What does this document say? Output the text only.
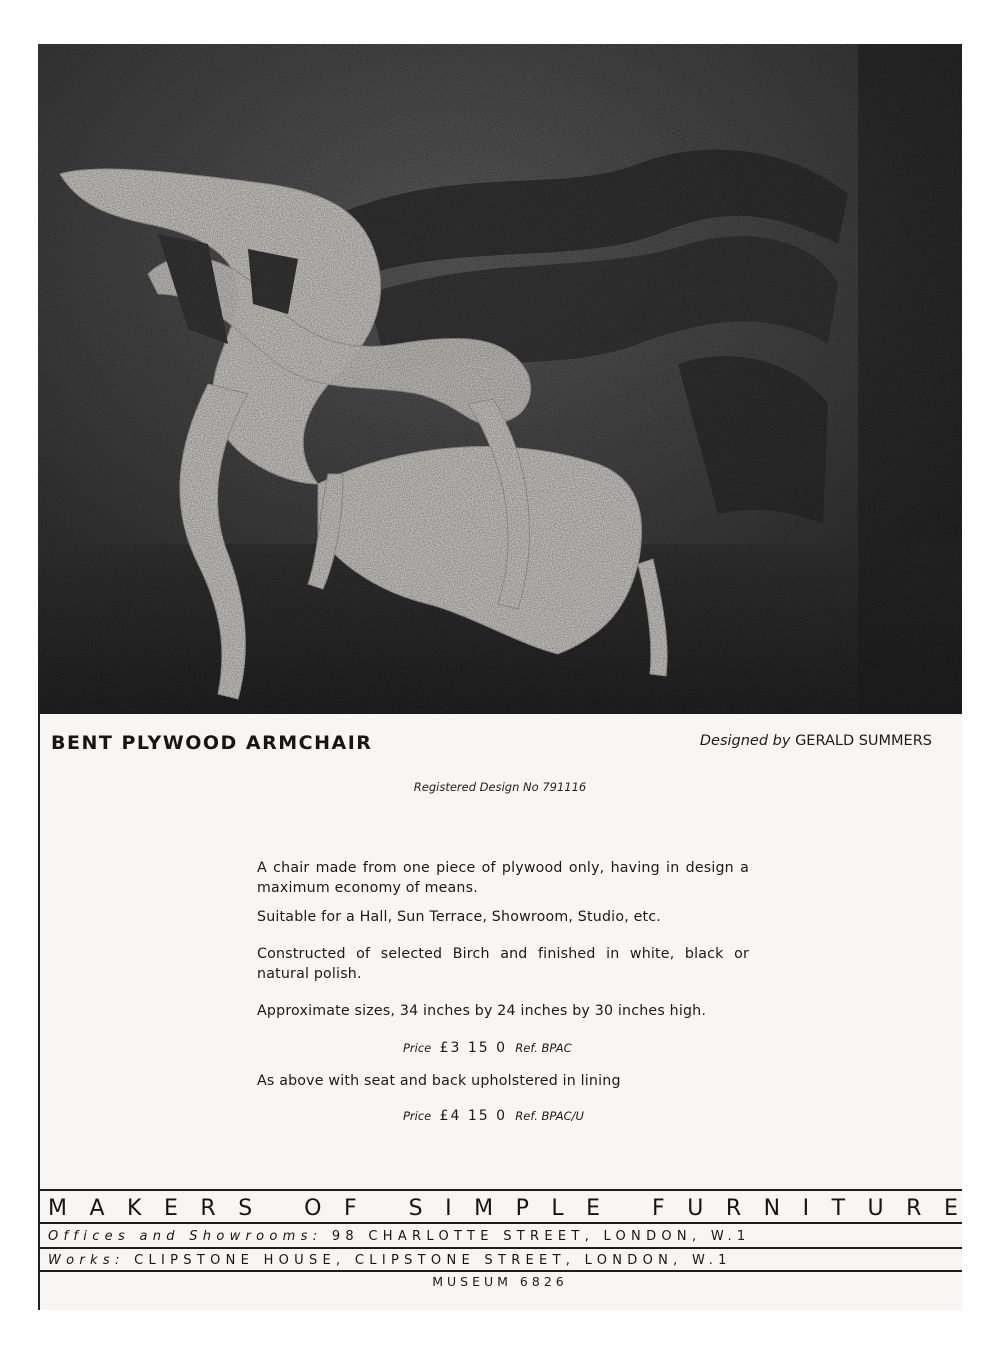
BENT PLYWOOD ARMCHAIR	Designed by GERALD SUMMERS
Registered Design No 791116

A chair made from one piece of plywood only, having in design a maximum economy of means.

Suitable for a Hall, Sun Terrace, Showroom, Studio, etc.

Constructed of selected Birch and finished in white, black or natural polish.

Approximate sizes, 34 inches by 24 inches by 30 inches high.

Price £3 15 0 Ref. BPAC
As above with seat and back upholstered in lining
Price £4 15 0 Ref. BPAC/U
M A K E R S
O F
S I M P L E
F U R N I T U R E
Offices and Showrooms: 98 CHARLOTTE STREET, LONDON, W.1
Works: CLIPSTONE HOUSE, CLIPSTONE STREET, LONDON, W.1
MUSEUM 6826
